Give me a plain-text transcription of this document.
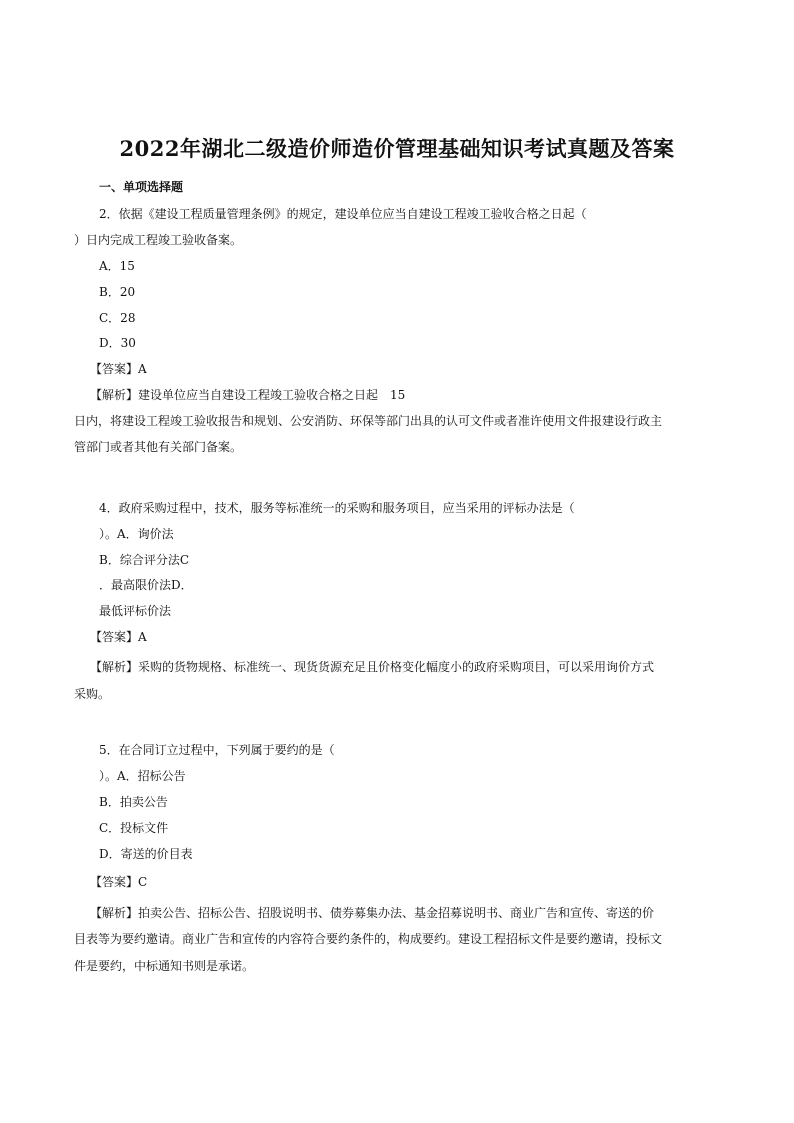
2022年湖北二级造价师造价管理基础知识考试真题及答案
一、单项选择题
2．依据《建设工程质量管理条例》的规定，建设单位应当自建设工程竣工验收合格之日起（
）日内完成工程竣工验收备案。
A．15
B．20
C．28
D．30
【答案】A
【解析】建设单位应当自建设工程竣工验收合格之日起　15
日内，将建设工程竣工验收报告和规划、公安消防、环保等部门出具的认可文件或者准许使用文件报建设行政主
管部门或者其他有关部门备案。
4．政府采购过程中，技术，服务等标准统一的采购和服务项目，应当采用的评标办法是（
）。A．询价法
B．综合评分法C
．最高限价法D．
最低评标价法
【答案】A
【解析】采购的货物规格、标准统一、现货货源充足且价格变化幅度小的政府采购项目，可以采用询价方式
采购。
5．在合同订立过程中，下列属于要约的是（
）。A．招标公告
B．拍卖公告
C．投标文件
D．寄送的价目表
【答案】C
【解析】拍卖公告、招标公告、招股说明书、债券募集办法、基金招募说明书、商业广告和宣传、寄送的价
目表等为要约邀请。商业广告和宣传的内容符合要约条件的，构成要约。建设工程招标文件是要约邀请，投标文
件是要约，中标通知书则是承诺。
